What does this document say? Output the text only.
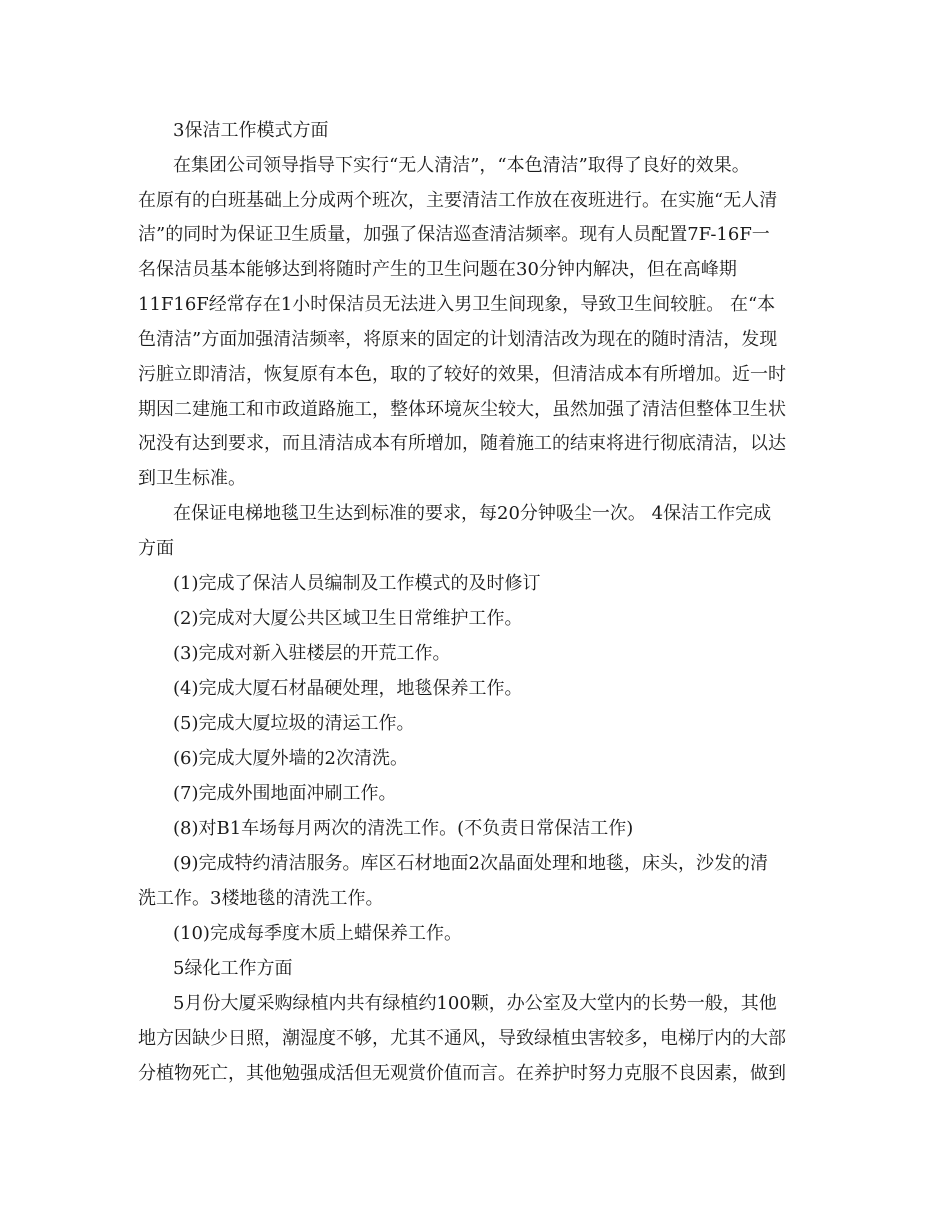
3保洁工作模式方面
在集团公司领导指导下实行“无人清洁”，“本色清洁”取得了良好的效果。
在原有的白班基础上分成两个班次，主要清洁工作放在夜班进行。在实施“无人清
洁”的同时为保证卫生质量，加强了保洁巡查清洁频率。现有人员配置7F-16F一
名保洁员基本能够达到将随时产生的卫生问题在30分钟内解决，但在高峰期
11F16F经常存在1小时保洁员无法进入男卫生间现象，导致卫生间较脏。 在“本
色清洁”方面加强清洁频率，将原来的固定的计划清洁改为现在的随时清洁，发现
污脏立即清洁，恢复原有本色，取的了较好的效果，但清洁成本有所增加。近一时
期因二建施工和市政道路施工，整体环境灰尘较大，虽然加强了清洁但整体卫生状
况没有达到要求，而且清洁成本有所增加，随着施工的结束将进行彻底清洁，以达
到卫生标准。
在保证电梯地毯卫生达到标准的要求，每20分钟吸尘一次。 4保洁工作完成
方面
(1)完成了保洁人员编制及工作模式的及时修订
(2)完成对大厦公共区域卫生日常维护工作。
(3)完成对新入驻楼层的开荒工作。
(4)完成大厦石材晶硬处理，地毯保养工作。
(5)完成大厦垃圾的清运工作。
(6)完成大厦外墙的2次清洗。
(7)完成外围地面冲刷工作。
(8)对B1车场每月两次的清洗工作。(不负责日常保洁工作)
(9)完成特约清洁服务。库区石材地面2次晶面处理和地毯，床头，沙发的清
洗工作。3楼地毯的清洗工作。
(10)完成每季度木质上蜡保养工作。
5绿化工作方面
5月份大厦采购绿植内共有绿植约100颗，办公室及大堂内的长势一般，其他
地方因缺少日照，潮湿度不够，尤其不通风，导致绿植虫害较多，电梯厅内的大部
分植物死亡，其他勉强成活但无观赏价值而言。在养护时努力克服不良因素，做到
